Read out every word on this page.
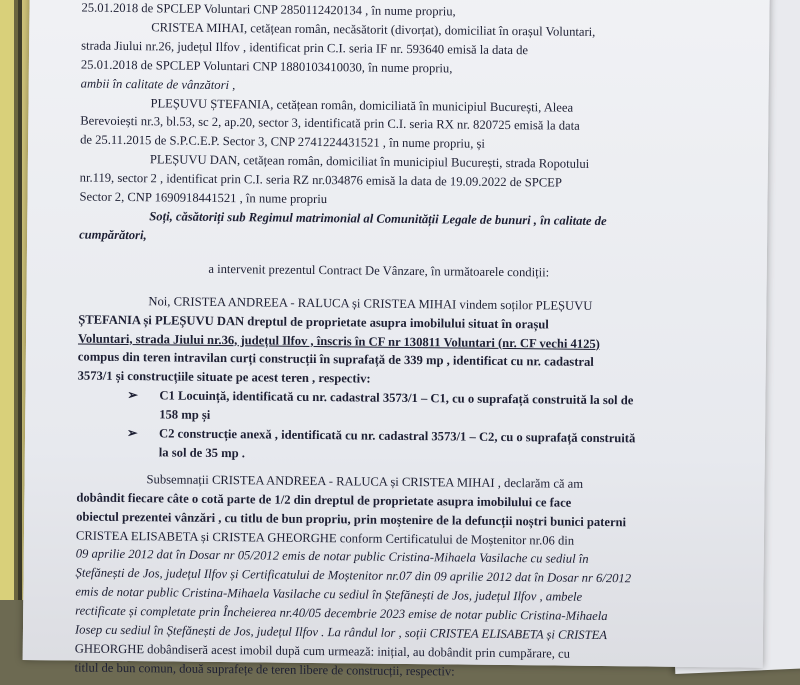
25.01.2018 de SPCLEP Voluntari CNP 2850112420134 , în nume propriu,

CRISTEA MIHAI, cetățean român, necăsătorit (divorțat), domiciliat în orașul Voluntari,

strada Jiului nr.26, județul Ilfov , identificat prin C.I. seria IF nr. 593640 emisă la data de

25.01.2018 de SPCLEP Voluntari CNP 1880103410030, în nume propriu,

ambii în calitate de vânzători ,

PLEȘUVU ȘTEFANIA, cetățean român, domiciliată în municipiul București, Aleea

Berevoiești nr.3, bl.53, sc 2, ap.20, sector 3, identificată prin C.I. seria RX nr. 820725 emisă la data

de 25.11.2015 de S.P.C.E.P. Sector 3, CNP 2741224431521 , în nume propriu, și

PLEȘUVU DAN, cetățean român, domiciliat în municipiul București, strada Ropotului

nr.119, sector 2 , identificat prin C.I. seria RZ nr.034876 emisă la data de 19.09.2022 de SPCEP

Sector 2, CNP 1690918441521 , în nume propriu

Soți, căsătoriți sub Regimul matrimonial al Comunității Legale de bunuri , în calitate de

cumpărători,

a intervenit prezentul Contract De Vânzare, în următoarele condiții:

Noi, CRISTEA ANDREEA - RALUCA și CRISTEA MIHAI vindem soților PLEȘUVU

ȘTEFANIA și PLEȘUVU DAN dreptul de proprietate asupra imobilului situat în orașul

Voluntari, strada Jiului nr.36, județul Ilfov , înscris în CF nr 130811 Voluntari (nr. CF vechi 4125)

compus din teren intravilan curți construcții în suprafață de 339 mp , identificat cu nr. cadastral

3573/1 și construcțiile situate pe acest teren , respectiv:

➢ C1 Locuință, identificată cu nr. cadastral 3573/1 – C1, cu o suprafață construită la sol de

158 mp și

➢ C2 construcție anexă , identificată cu nr. cadastral 3573/1 – C2, cu o suprafață construită

la sol de 35 mp .

Subsemnații CRISTEA ANDREEA - RALUCA și CRISTEA MIHAI , declarăm că am

dobândit fiecare câte o cotă parte de 1/2 din dreptul de proprietate asupra imobilului ce face

obiectul prezentei vânzări , cu titlu de bun propriu, prin moștenire de la defuncții noștri bunici paterni

CRISTEA ELISABETA și CRISTEA GHEORGHE conform Certificatului de Moștenitor nr.06 din

09 aprilie 2012 dat în Dosar nr 05/2012 emis de notar public Cristina-Mihaela Vasilache cu sediul în

Ștefănești de Jos, județul Ilfov și Certificatului de Moștenitor nr.07 din 09 aprilie 2012 dat în Dosar nr 6/2012

emis de notar public Cristina-Mihaela Vasilache cu sediul în Ștefănești de Jos, județul Ilfov , ambele

rectificate și completate prin Încheierea nr.40/05 decembrie 2023 emise de notar public Cristina-Mihaela

Iosep cu sediul în Ștefănești de Jos, județul Ilfov . La rândul lor , soții CRISTEA ELISABETA și CRISTEA

GHEORGHE dobândiseră acest imobil după cum urmează: inițial, au dobândit prin cumpărare, cu

titlul de bun comun, două suprafețe de teren libere de construcții, respectiv:
